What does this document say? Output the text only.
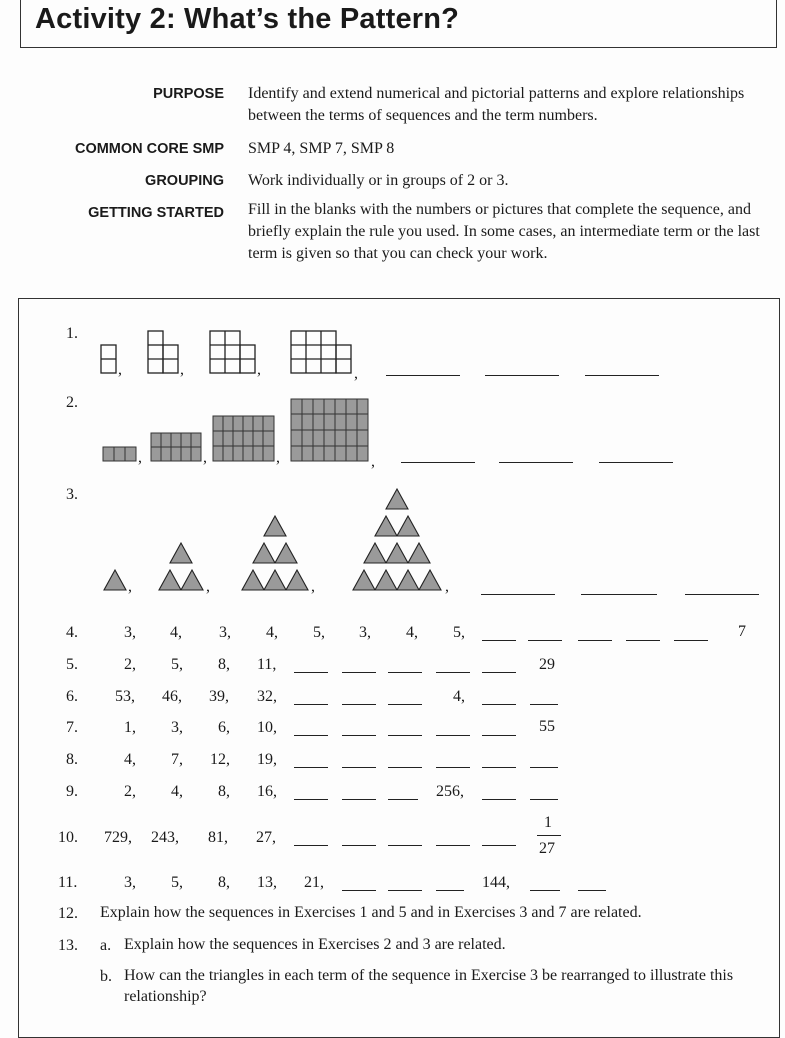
Activity 2: What’s the Pattern?
PURPOSE Identify and extend numerical and pictorial patterns and explore relationships between the terms of sequences and the term numbers.
COMMON CORE SMP SMP 4, SMP 7, SMP 8
GROUPING Work individually or in groups of 2 or 3.
GETTING STARTED Fill in the blanks with the numbers or pictures that complete the sequence, and briefly explain the rule you used. In some cases, an intermediate term or the last term is given so that you can check your work.
1.
,	,	,	,
2.
,	,	,	,
3.
,	,	,	,
4.	3, 4, 3, 4, 5, 3, 4, 5,	7
5.	2, 5, 8, 11,	29
6. 53, 46, 39, 32,	4,
7.	1, 3, 6, 10,	55
8.	4, 7, 12, 19,
9.	2, 4, 8, 16,	256,
10. 729, 243, 81, 27,
1
27
11.	3, 5, 8, 13, 21,	144,
12. Explain how the sequences in Exercises 1 and 5 and in Exercises 3 and 7 are related.
13. a. Explain how the sequences in Exercises 2 and 3 are related.
b. How can the triangles in each term of the sequence in Exercise 3 be rearranged to illustrate this relationship?
